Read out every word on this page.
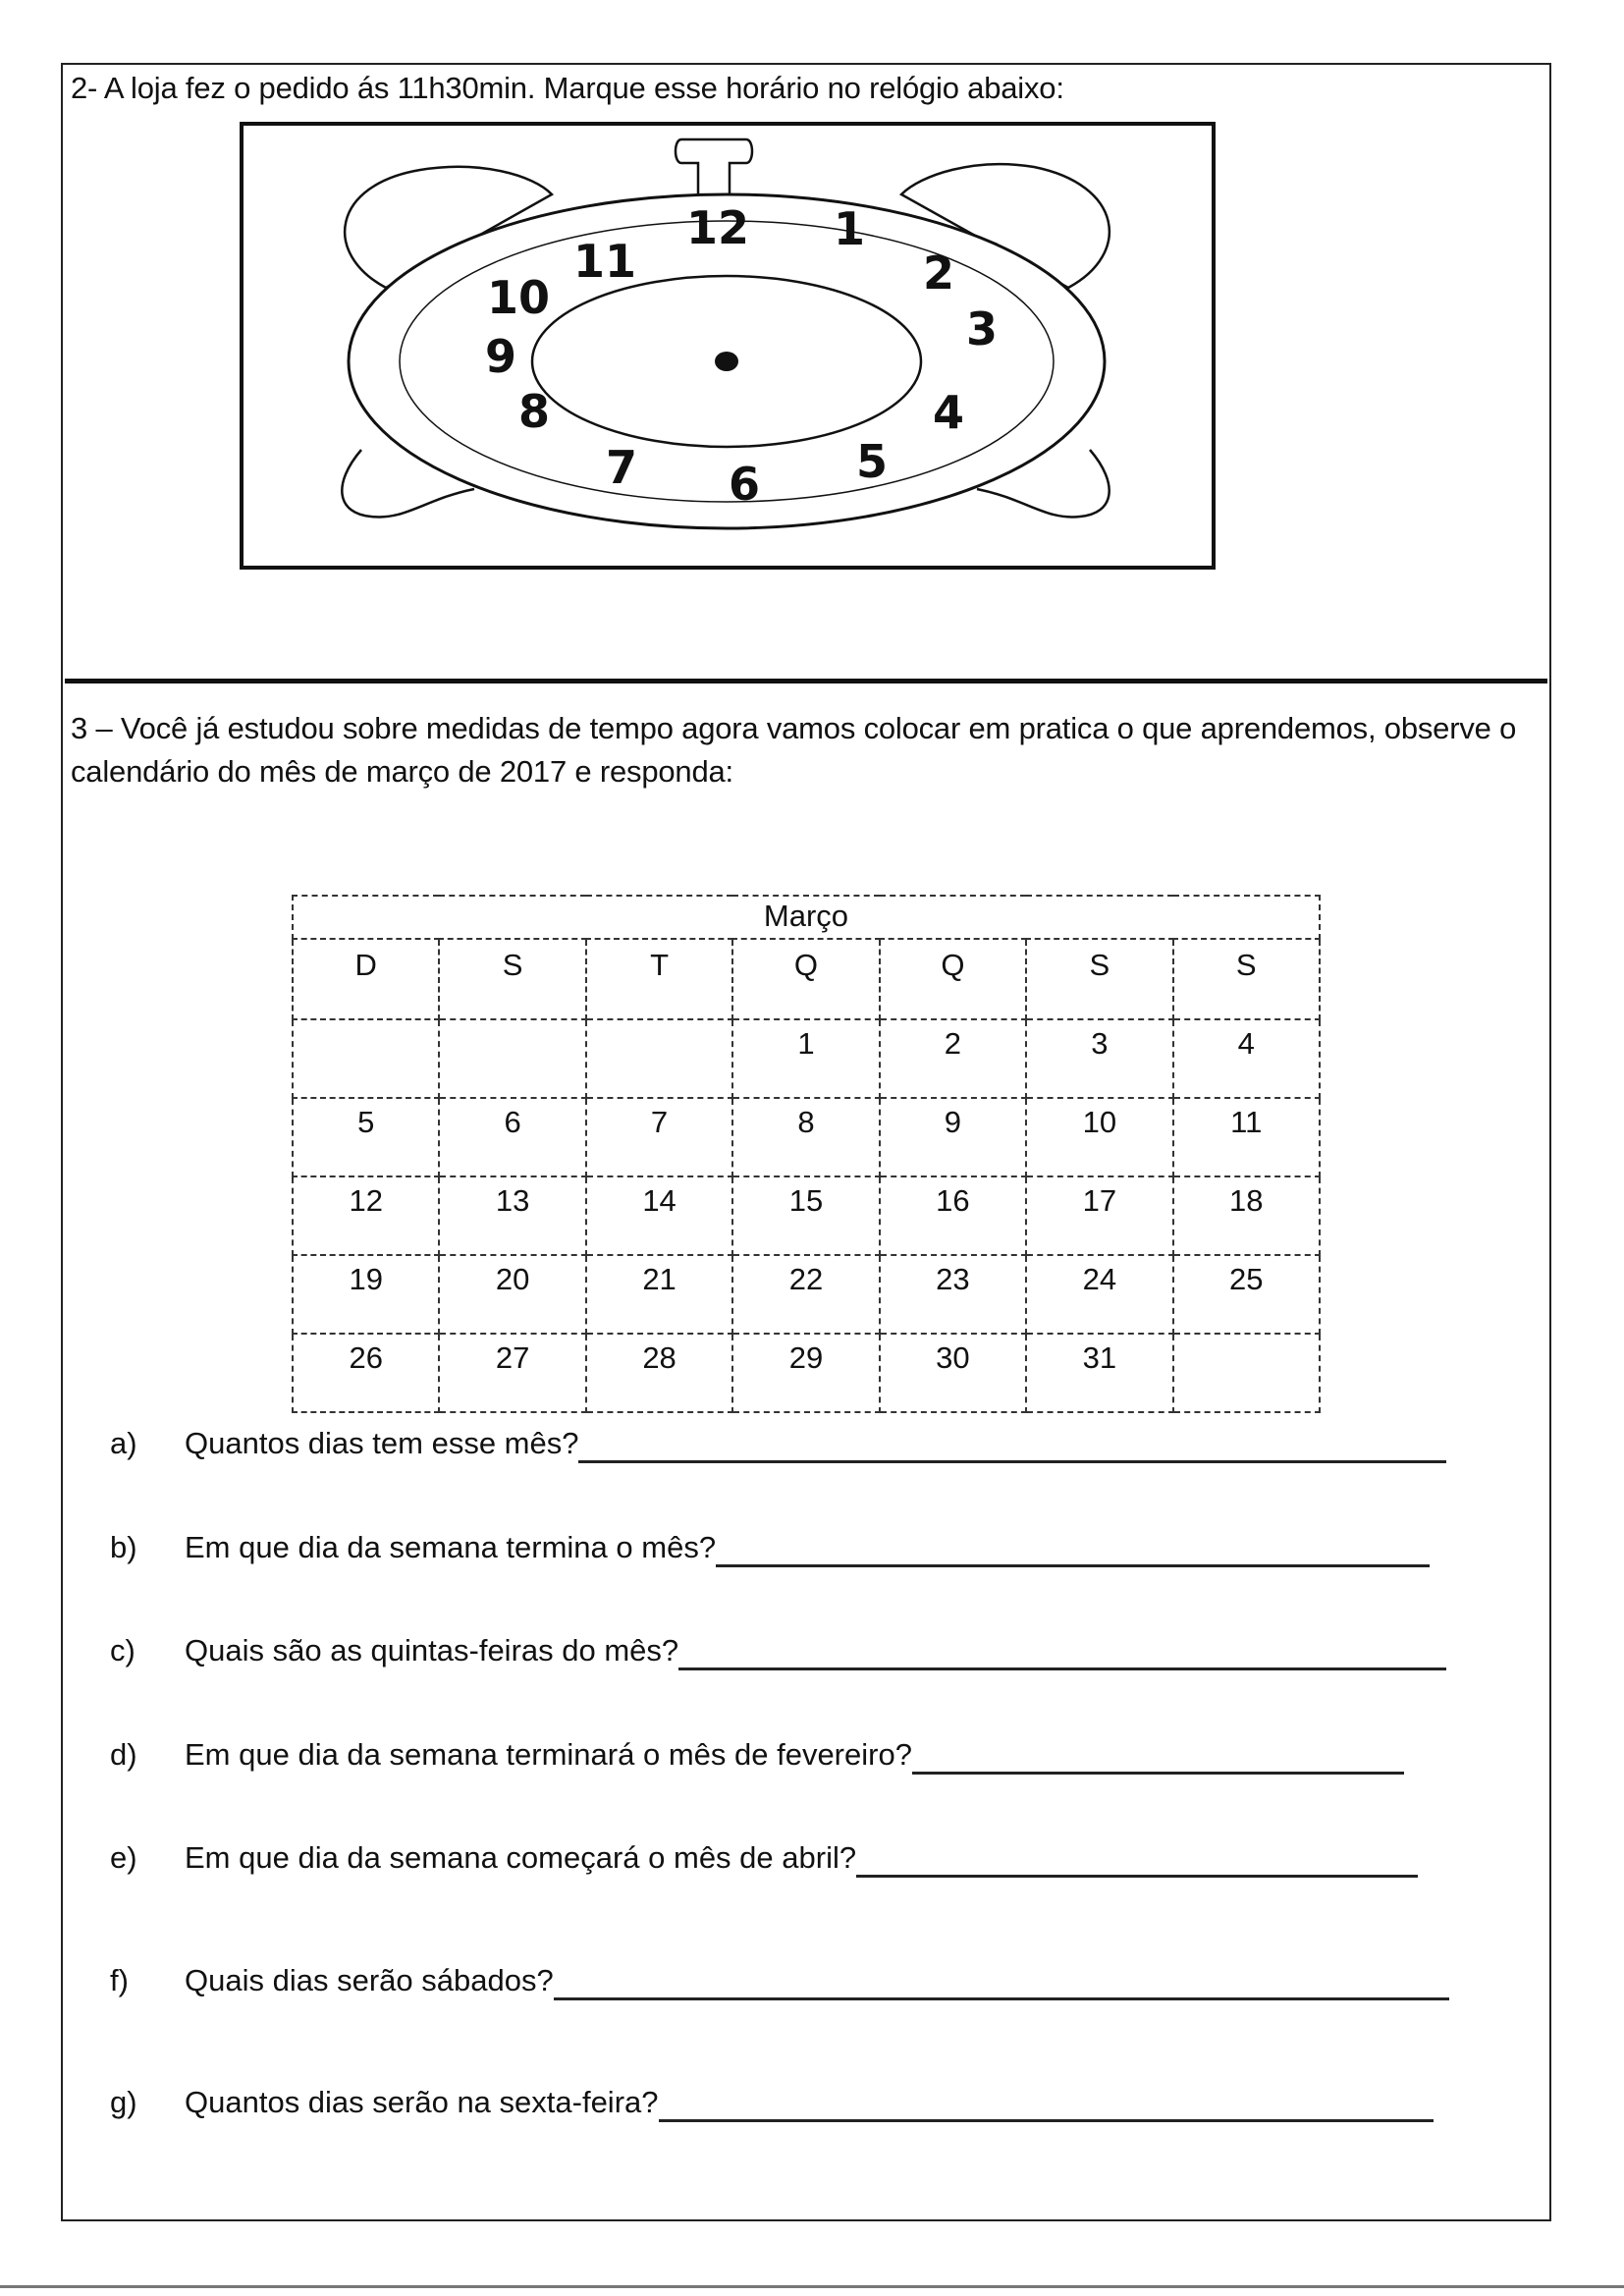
2- A loja fez o pedido ás 11h30min. Marque esse horário no relógio abaixo:
12 1
2
3
4
5
6
7
8
9
10
11
3 – Você já estudou sobre medidas de tempo agora vamos colocar em pratica o que aprendemos, observe o calendário do mês de março de 2017 e responda:
Março						
D	S	T	Q	Q	S	S
			1	2	3	4
5	6	7	8	9	10	11
12	13	14	15	16	17	18
19	20	21	22	23	24	25
26	27	28	29	30	31	
a)	Quantos dias tem esse mês?
b)	Em que dia da semana termina o mês?
c)	Quais são as quintas-feiras do mês?
d)	Em que dia da semana terminará o mês de fevereiro?
e)	Em que dia da semana começará o mês de abril?
f)	Quais dias serão sábados?
g)	Quantos dias serão na sexta-feira?
